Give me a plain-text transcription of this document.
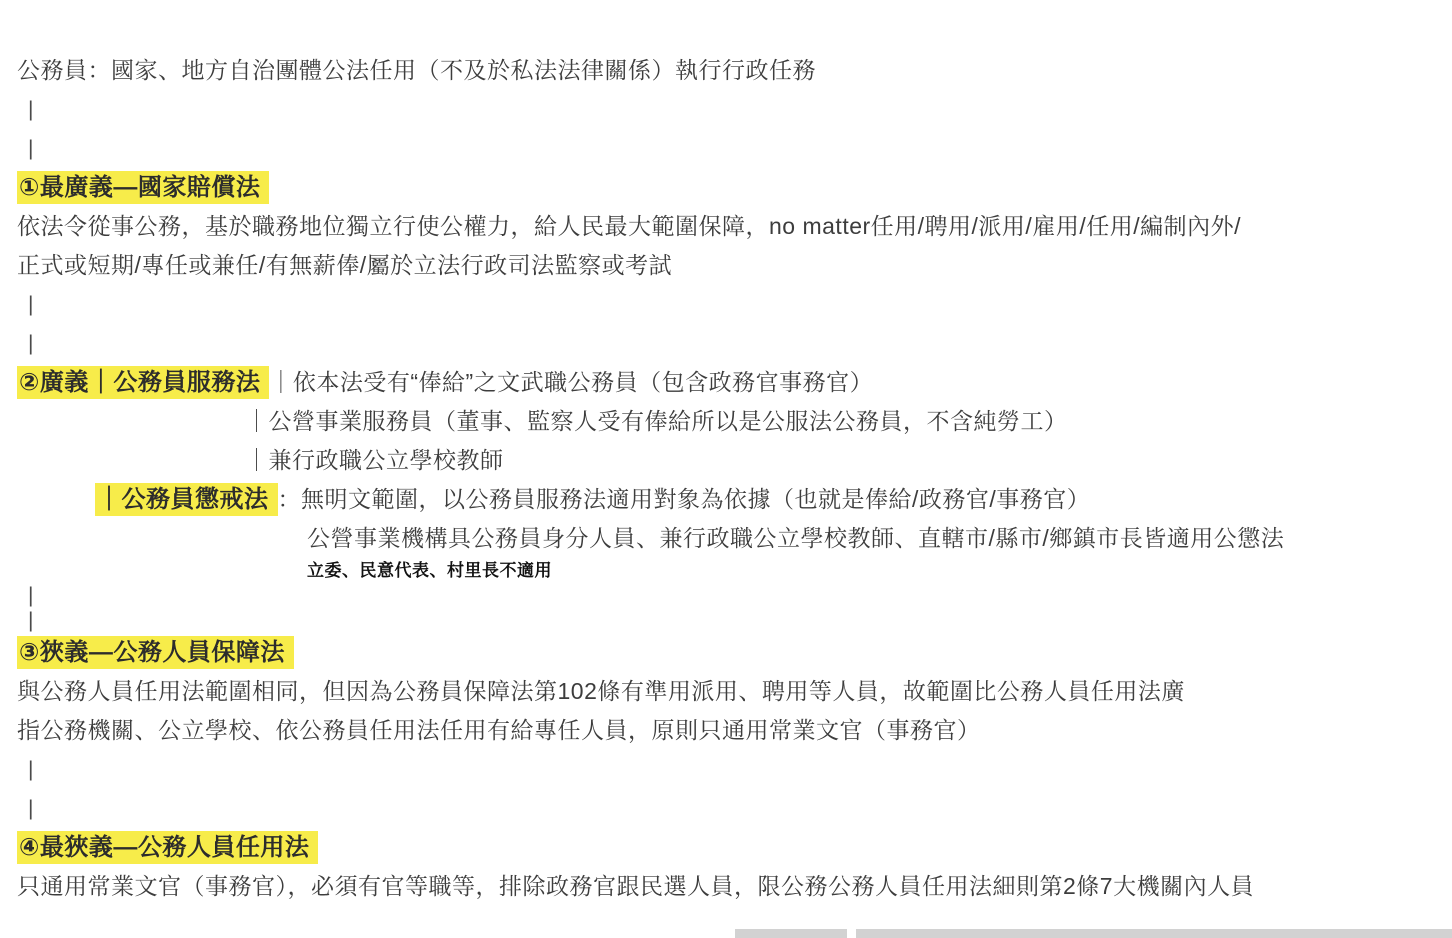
公務員：國家、地方自治團體公法任用（不及於私法法律關係）執行行政任務
|
|
①最廣義—國家賠償法
依法令從事公務，基於職務地位獨立行使公權力，給人民最大範圍保障，no matter任用/聘用/派用/雇用/任用/編制內外/
正式或短期/專任或兼任/有無薪俸/屬於立法行政司法監察或考試
|
|
②廣義｜公務員服務法 ｜依本法受有“俸給”之文武職公務員（包含政務官事務官）
｜公營事業服務員（董事、監察人受有俸給所以是公服法公務員，不含純勞工）
｜兼行政職公立學校教師
｜公務員懲戒法 ：無明文範圍，以公務員服務法適用對象為依據（也就是俸給/政務官/事務官）
公營事業機構具公務員身分人員、兼行政職公立學校教師、直轄市/縣市/鄉鎮市長皆適用公懲法
立委、民意代表、村里長不適用
|
|
③狹義—公務人員保障法
與公務人員任用法範圍相同，但因為公務員保障法第102條有準用派用、聘用等人員，故範圍比公務人員任用法廣
指公務機關、公立學校、依公務員任用法任用有給專任人員，原則只通用常業文官（事務官）
|
|
④最狹義—公務人員任用法
只通用常業文官（事務官），必須有官等職等，排除政務官跟民選人員，限公務公務人員任用法細則第2條7大機關內人員
